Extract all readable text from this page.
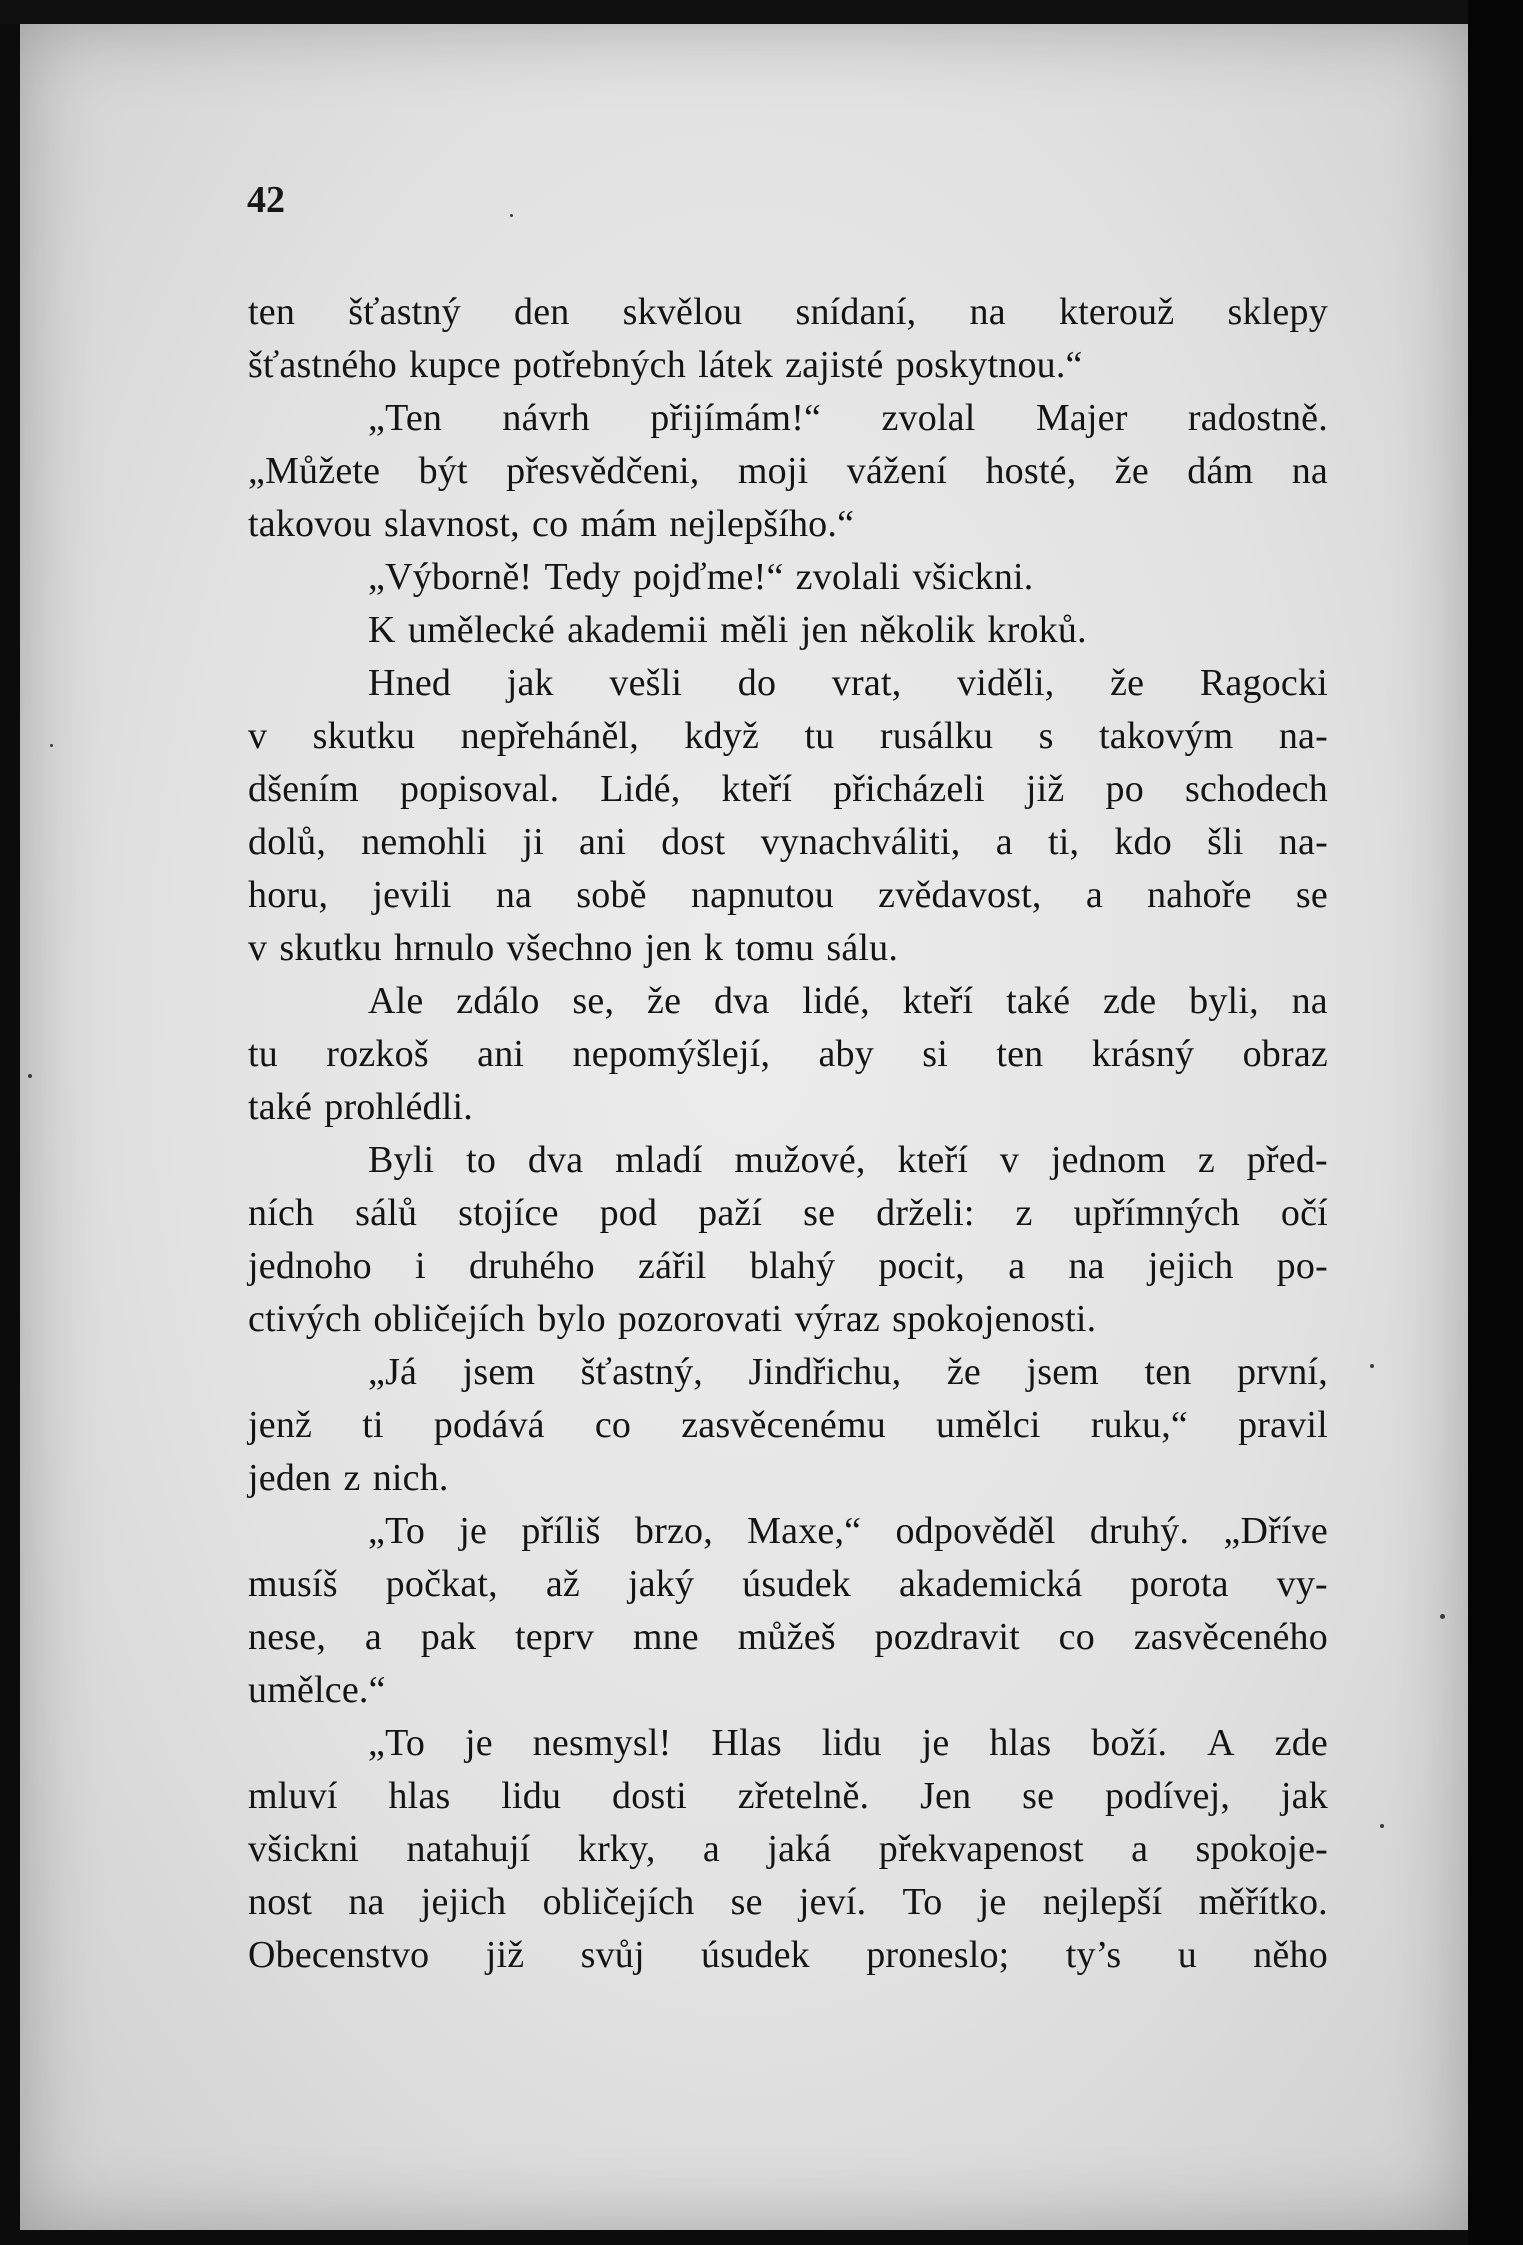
42
ten šťastný den skvělou snídaní, na kterouž sklepy
šťastného kupce potřebných látek zajisté poskytnou.“
„Ten návrh přijímám!“ zvolal Majer radostně.
„Můžete být přesvědčeni, moji vážení hosté, že dám na
takovou slavnost, co mám nejlepšího.“
„Výborně! Tedy pojďme!“ zvolali všickni.
K umělecké akademii měli jen několik kroků.
Hned jak vešli do vrat, viděli, že Ragocki
v skutku nepřeháněl, když tu rusálku s takovým na-
dšením popisoval. Lidé, kteří přicházeli již po schodech
dolů, nemohli ji ani dost vynachváliti, a ti, kdo šli na-
horu, jevili na sobě napnutou zvědavost, a nahoře se
v skutku hrnulo všechno jen k tomu sálu.
Ale zdálo se, že dva lidé, kteří také zde byli, na
tu rozkoš ani nepomýšlejí, aby si ten krásný obraz
také prohlédli.
Byli to dva mladí mužové, kteří v jednom z před-
ních sálů stojíce pod paží se drželi: z upřímných očí
jednoho i druhého zářil blahý pocit, a na jejich po-
ctivých obličejích bylo pozorovati výraz spokojenosti.
„Já jsem šťastný, Jindřichu, že jsem ten první,
jenž ti podává co zasvěcenému umělci ruku,“ pravil
jeden z nich.
„To je příliš brzo, Maxe,“ odpověděl druhý. „Dříve
musíš počkat, až jaký úsudek akademická porota vy-
nese, a pak teprv mne můžeš pozdravit co zasvěceného
umělce.“
„To je nesmysl! Hlas lidu je hlas boží. A zde
mluví hlas lidu dosti zřetelně. Jen se podívej, jak
všickni natahují krky, a jaká překvapenost a spokoje-
nost na jejich obličejích se jeví. To je nejlepší měřítko.
Obecenstvo již svůj úsudek proneslo; ty’s u něho
